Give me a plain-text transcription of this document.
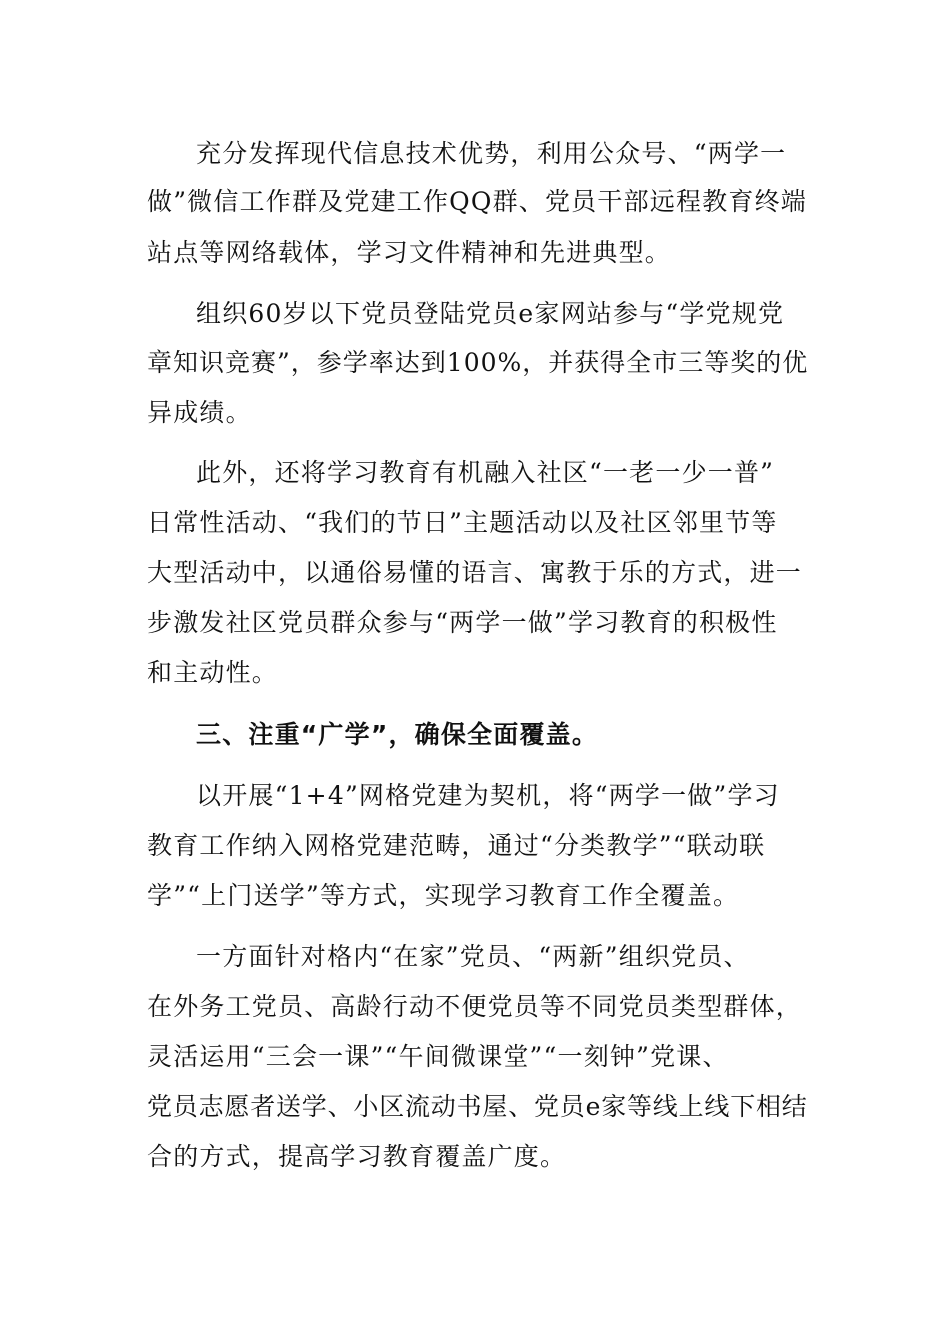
充分发挥现代信息技术优势，利用公众号、“两学一
做”微信工作群及党建工作QQ群、党员干部远程教育终端
站点等网络载体，学习文件精神和先进典型。
组织60岁以下党员登陆党员e家网站参与“学党规党
章知识竞赛”，参学率达到100%，并获得全市三等奖的优
异成绩。
此外，还将学习教育有机融入社区“一老一少一普”
日常性活动、“我们的节日”主题活动以及社区邻里节等
大型活动中，以通俗易懂的语言、寓教于乐的方式，进一
步激发社区党员群众参与“两学一做”学习教育的积极性
和主动性。
三、注重“广学”，确保全面覆盖。
以开展“1+4”网格党建为契机，将“两学一做”学习
教育工作纳入网格党建范畴，通过“分类教学”“联动联
学”“上门送学”等方式，实现学习教育工作全覆盖。
一方面针对格内“在家”党员、“两新”组织党员、
在外务工党员、高龄行动不便党员等不同党员类型群体，
灵活运用“三会一课”“午间微课堂”“一刻钟”党课、
党员志愿者送学、小区流动书屋、党员e家等线上线下相结
合的方式，提高学习教育覆盖广度。
